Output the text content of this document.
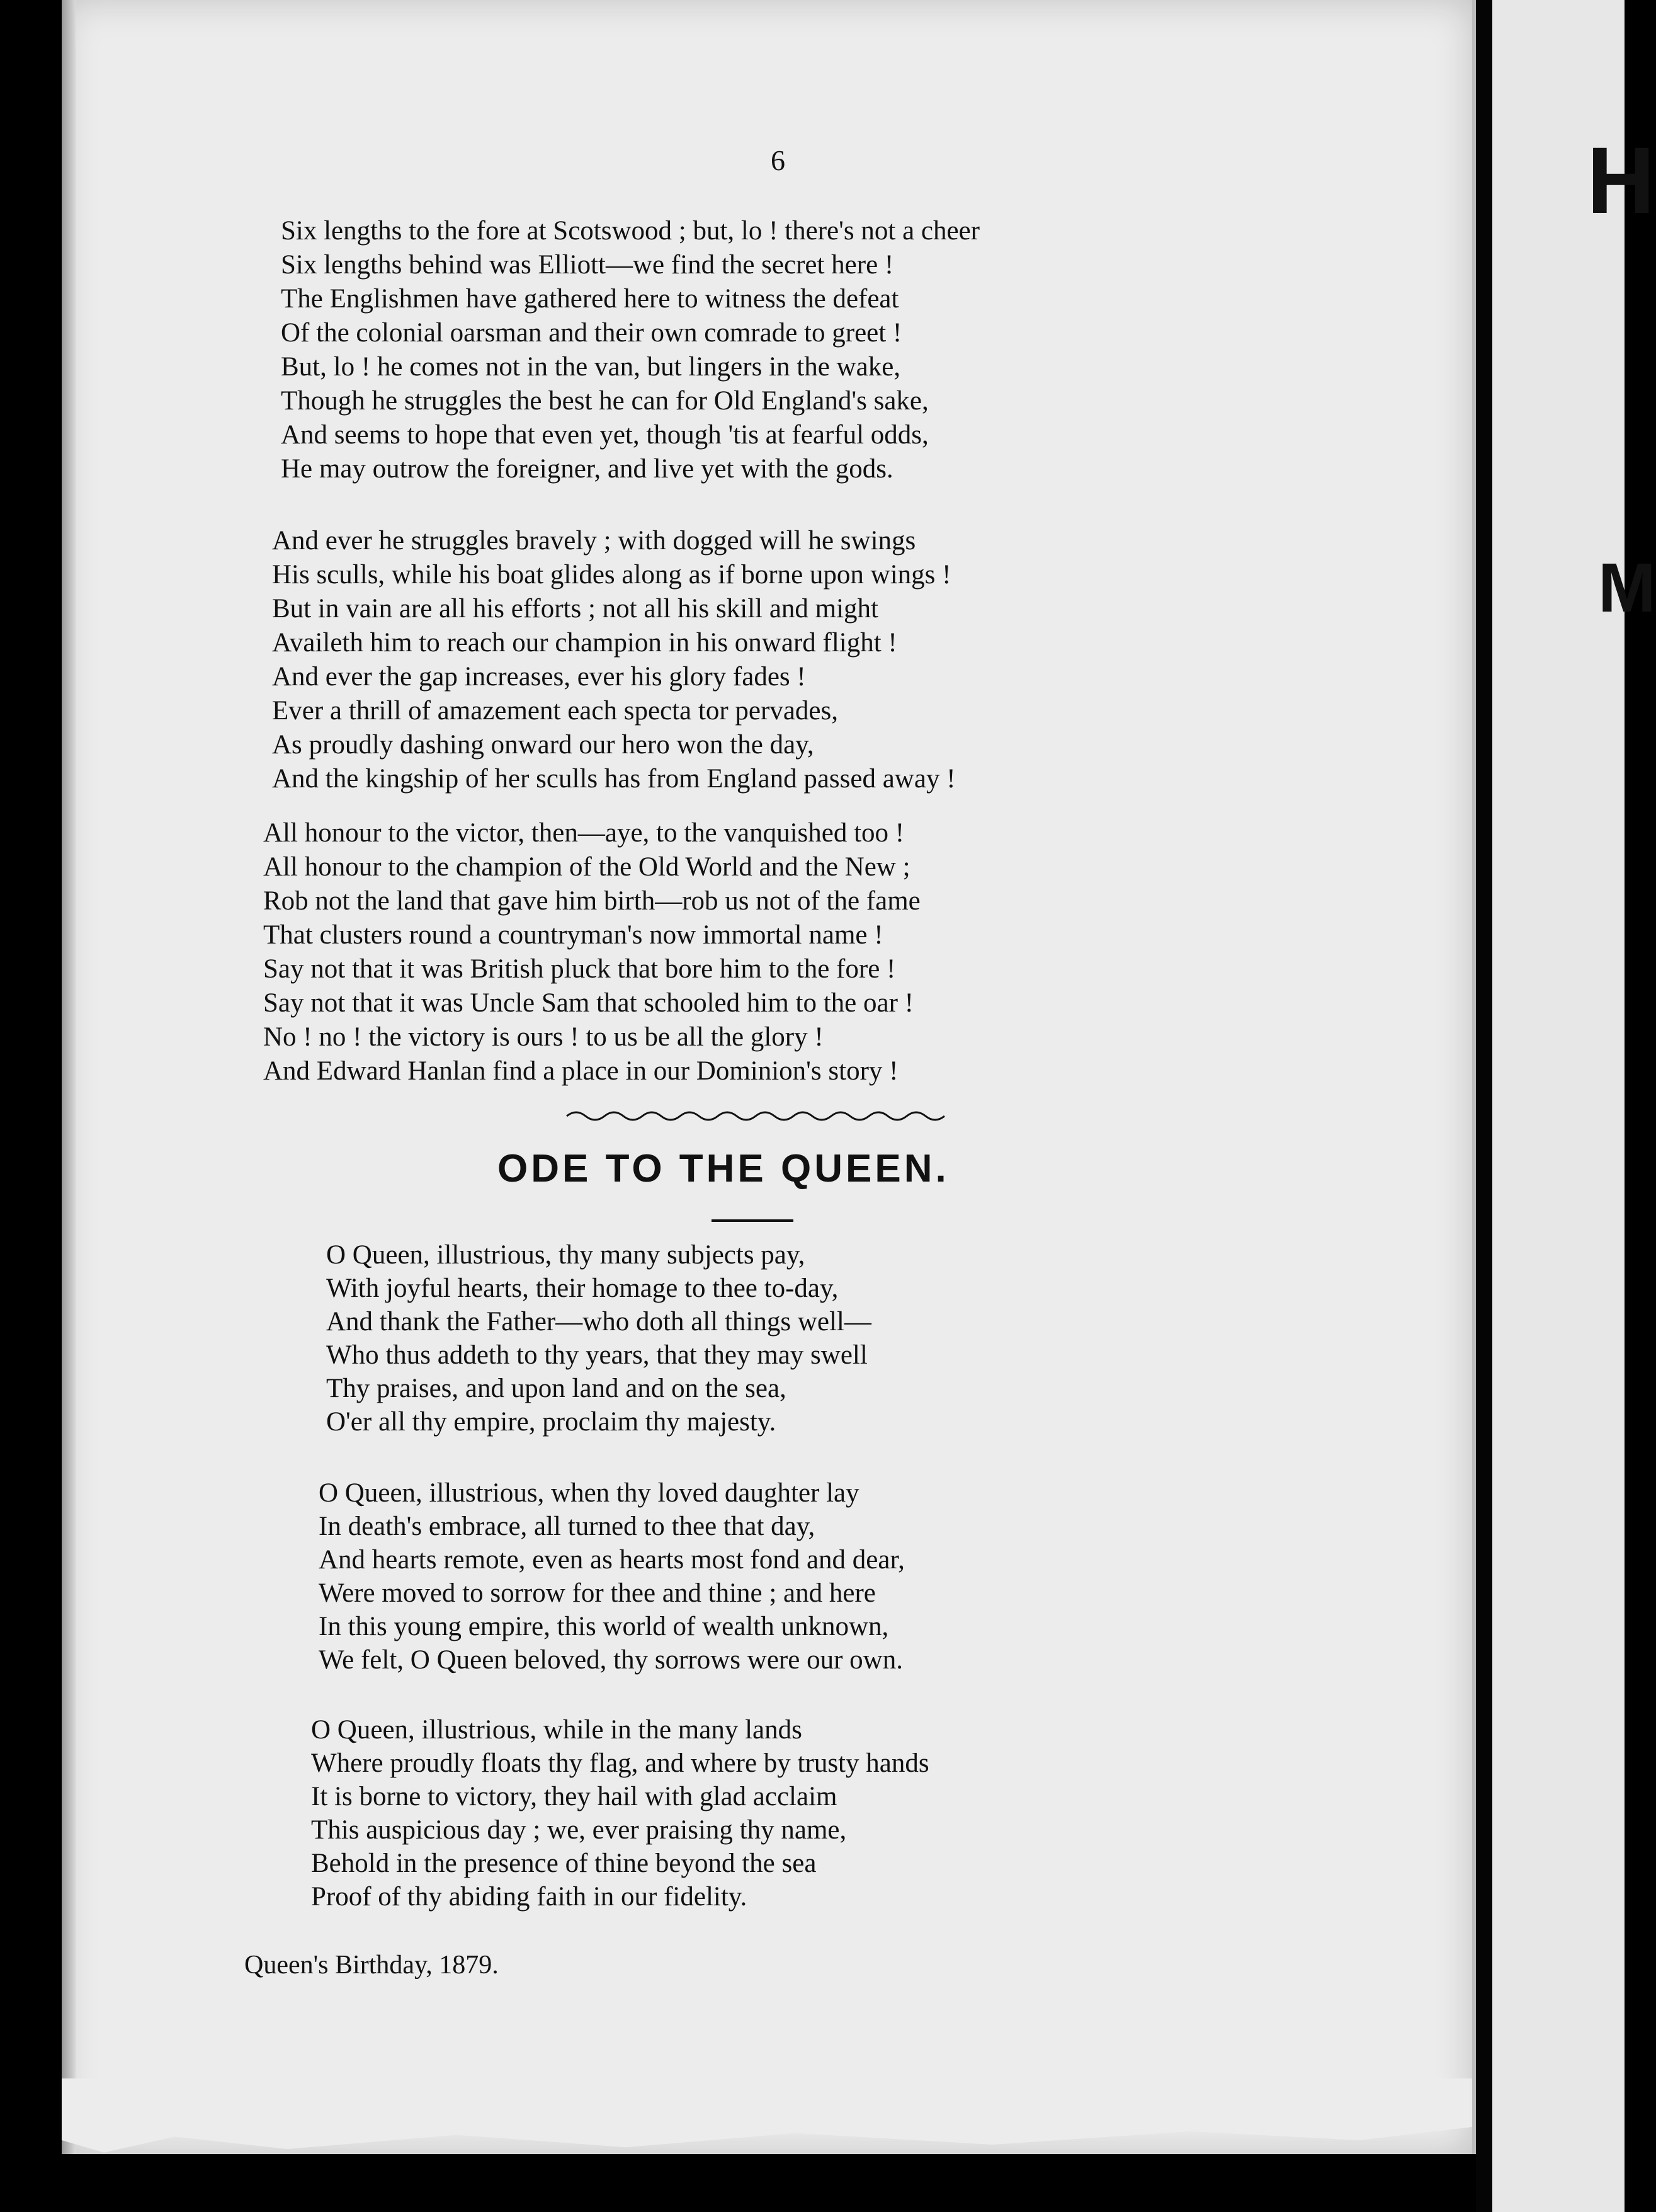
H
M
6
Six lengths to the fore at Scotswood ; but, lo ! there's not a cheer
Six lengths behind was Elliott—we find the secret here !
The Englishmen have gathered here to witness the defeat
Of the colonial oarsman and their own comrade to greet !
But, lo ! he comes not in the van, but lingers in the wake,
Though he struggles the best he can for Old England's sake,
And seems to hope that even yet, though 'tis at fearful odds,
He may outrow the foreigner, and live yet with the gods.
And ever he struggles bravely ; with dogged will he swings
His sculls, while his boat glides along as if borne upon wings !
But in vain are all his efforts ; not all his skill and might
Availeth him to reach our champion in his onward flight !
And ever the gap increases, ever his glory fades !
Ever a thrill of amazement each specta tor pervades,
As proudly dashing onward our hero won the day,
And the kingship of her sculls has from England passed away !
All honour to the victor, then—aye, to the vanquished too !
All honour to the champion of the Old World and the New ;
Rob not the land that gave him birth—rob us not of the fame
That clusters round a countryman's now immortal name !
Say not that it was British pluck that bore him to the fore !
Say not that it was Uncle Sam that schooled him to the oar !
No ! no ! the victory is ours ! to us be all the glory !
And Edward Hanlan find a place in our Dominion's story !
ODE TO THE QUEEN.
O Queen, illustrious, thy many subjects pay,
With joyful hearts, their homage to thee to-day,
And thank the Father—who doth all things well—
Who thus addeth to thy years, that they may swell
Thy praises, and upon land and on the sea,
O'er all thy empire, proclaim thy majesty.
O Queen, illustrious, when thy loved daughter lay
In death's embrace, all turned to thee that day,
And hearts remote, even as hearts most fond and dear,
Were moved to sorrow for thee and thine ; and here
In this young empire, this world of wealth unknown,
We felt, O Queen beloved, thy sorrows were our own.
O Queen, illustrious, while in the many lands
Where proudly floats thy flag, and where by trusty hands
It is borne to victory, they hail with glad acclaim
This auspicious day ; we, ever praising thy name,
Behold in the presence of thine beyond the sea
Proof of thy abiding faith in our fidelity.
Queen's Birthday, 1879.
